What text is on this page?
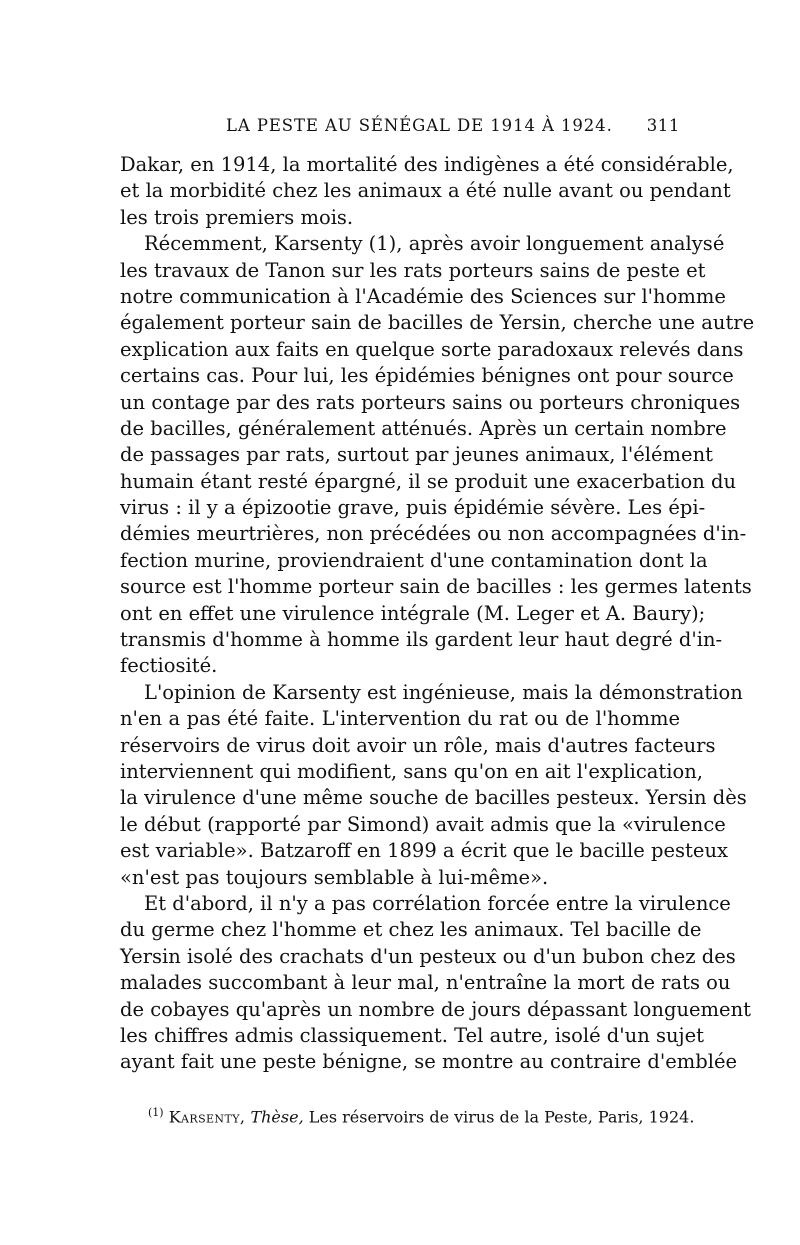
LA PESTE AU SÉNÉGAL DE 1914 À 1924. 311
Dakar, en 1914, la mortalité des indigènes a été considérable,
et la morbidité chez les animaux a été nulle avant ou pendant
les trois premiers mois.
Récemment, Karsenty (1), après avoir longuement analysé
les travaux de Tanon sur les rats porteurs sains de peste et
notre communication à l'Académie des Sciences sur l'homme
également porteur sain de bacilles de Yersin, cherche une autre
explication aux faits en quelque sorte paradoxaux relevés dans
certains cas. Pour lui, les épidémies bénignes ont pour source
un contage par des rats porteurs sains ou porteurs chroniques
de bacilles, généralement atténués. Après un certain nombre
de passages par rats, surtout par jeunes animaux, l'élément
humain étant resté épargné, il se produit une exacerbation du
virus : il y a épizootie grave, puis épidémie sévère. Les épi-
démies meurtrières, non précédées ou non accompagnées d'in-
fection murine, proviendraient d'une contamination dont la
source est l'homme porteur sain de bacilles : les germes latents
ont en effet une virulence intégrale (M. Leger et A. Baury);
transmis d'homme à homme ils gardent leur haut degré d'in-
fectiosité.
L'opinion de Karsenty est ingénieuse, mais la démonstration
n'en a pas été faite. L'intervention du rat ou de l'homme
réservoirs de virus doit avoir un rôle, mais d'autres facteurs
interviennent qui modifient, sans qu'on en ait l'explication,
la virulence d'une même souche de bacilles pesteux. Yersin dès
le début (rapporté par Simond) avait admis que la «virulence
est variable». Batzaroff en 1899 a écrit que le bacille pesteux
«n'est pas toujours semblable à lui-même».
Et d'abord, il n'y a pas corrélation forcée entre la virulence
du germe chez l'homme et chez les animaux. Tel bacille de
Yersin isolé des crachats d'un pesteux ou d'un bubon chez des
malades succombant à leur mal, n'entraîne la mort de rats ou
de cobayes qu'après un nombre de jours dépassant longuement
les chiffres admis classiquement. Tel autre, isolé d'un sujet
ayant fait une peste bénigne, se montre au contraire d'emblée
$^{(1)}$ Karsenty, Thèse, Les réservoirs de virus de la Peste, Paris, 1924.
